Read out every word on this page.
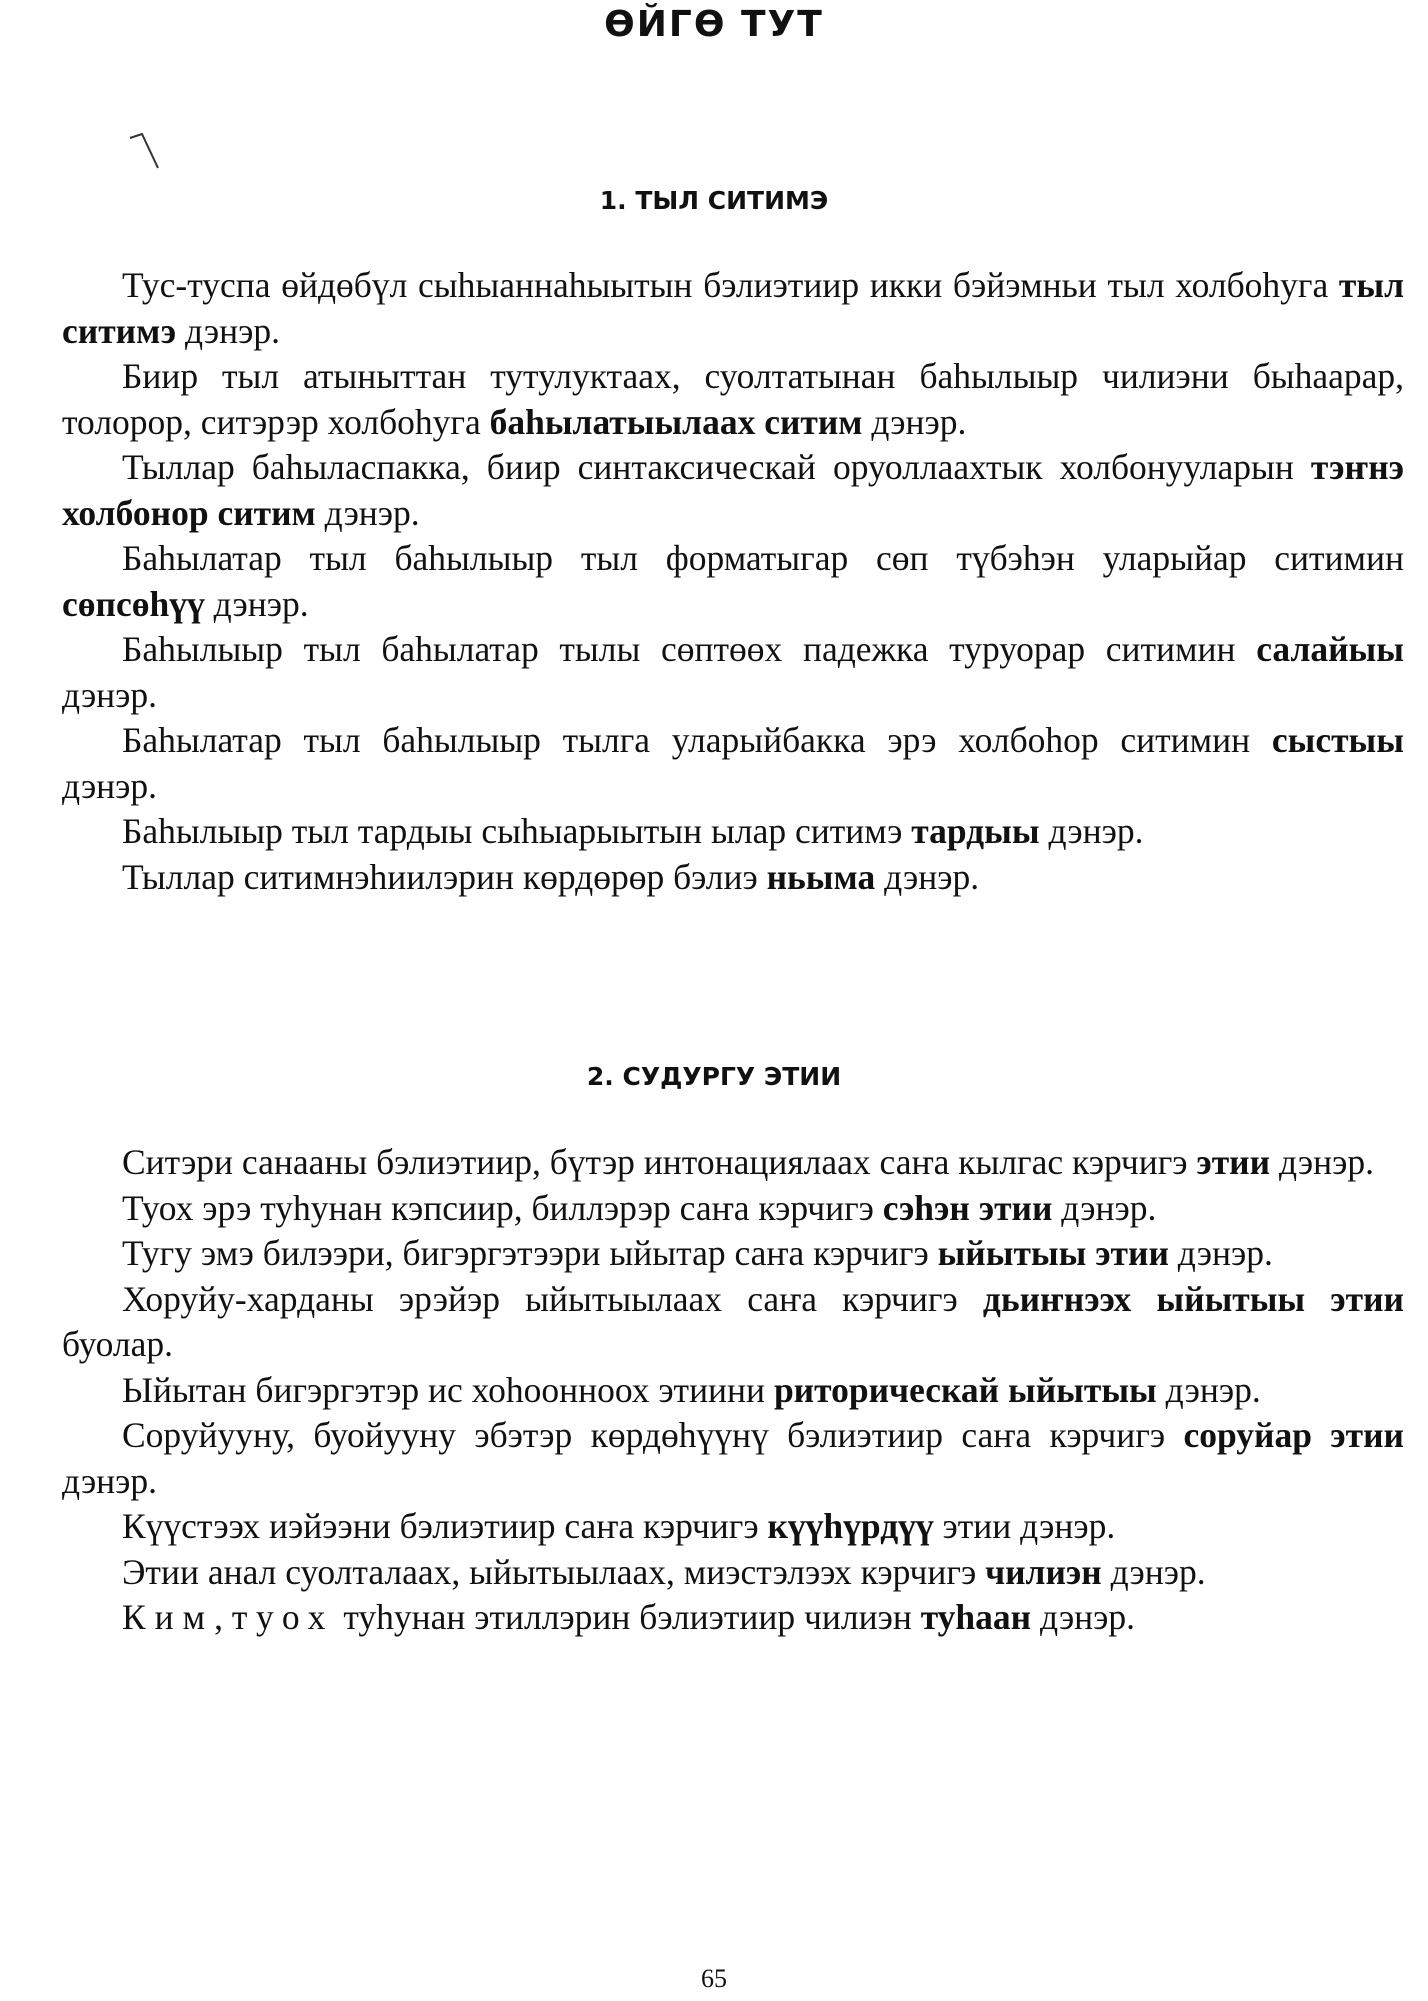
ӨЙГӨ ТУТ
1. ТЫЛ СИТИМЭ

Тус-туспа өйдөбүл сыһыаннаһыытын бэлиэтиир икки бэйэмньи тыл холбоһуга тыл ситимэ дэнэр.

Биир тыл атыныттан тутулуктаах, суолтатынан баһылыыр чилиэни быһаарар, толорор, ситэрэр холбоһуга баһылатыылаах ситим дэнэр.

Тыллар баһыласпакка, биир синтаксическай оруоллаахтык холбонууларын тэҥнэ холбонор ситим дэнэр.

Баһылатар тыл баһылыыр тыл форматыгар сөп түбэһэн уларыйар ситимин сөпсөһүү дэнэр.

Баһылыыр тыл баһылатар тылы сөптөөх падежка туруорар ситимин салайыы дэнэр.

Баһылатар тыл баһылыыр тылга уларыйбакка эрэ холбоһор ситимин сыстыы дэнэр.

Баһылыыр тыл тардыы сыһыарыытын ылар ситимэ тардыы дэнэр.

Тыллар ситимнэһиилэрин көрдөрөр бэлиэ ньыма дэнэр.

2. СУДУРГУ ЭТИИ

Ситэри санааны бэлиэтиир, бүтэр интонациялаах саҥа кылгас кэрчигэ этии дэнэр.

Туох эрэ туһунан кэпсиир, биллэрэр саҥа кэрчигэ сэһэн этии дэнэр.

Тугу эмэ билээри, бигэргэтээри ыйытар саҥа кэрчигэ ыйытыы этии дэнэр.

Хоруйу-харданы эрэйэр ыйытыылаах саҥа кэрчигэ дьиҥнээх ыйытыы этии буолар.

Ыйытан бигэргэтэр ис хоһоонноох этиини риторическай ыйытыы дэнэр.

Соруйууну, буойууну эбэтэр көрдөһүүнү бэлиэтиир саҥа кэрчигэ соруйар этии дэнэр.

Күүстээх иэйээни бэлиэтиир саҥа кэрчигэ күүһүрдүү этии дэнэр.

Этии анал суолталаах, ыйытыылаах, миэстэлээх кэрчигэ чилиэн дэнэр.

Ким, туох туһунан этиллэрин бэлиэтиир чилиэн туһаан дэнэр.

65
